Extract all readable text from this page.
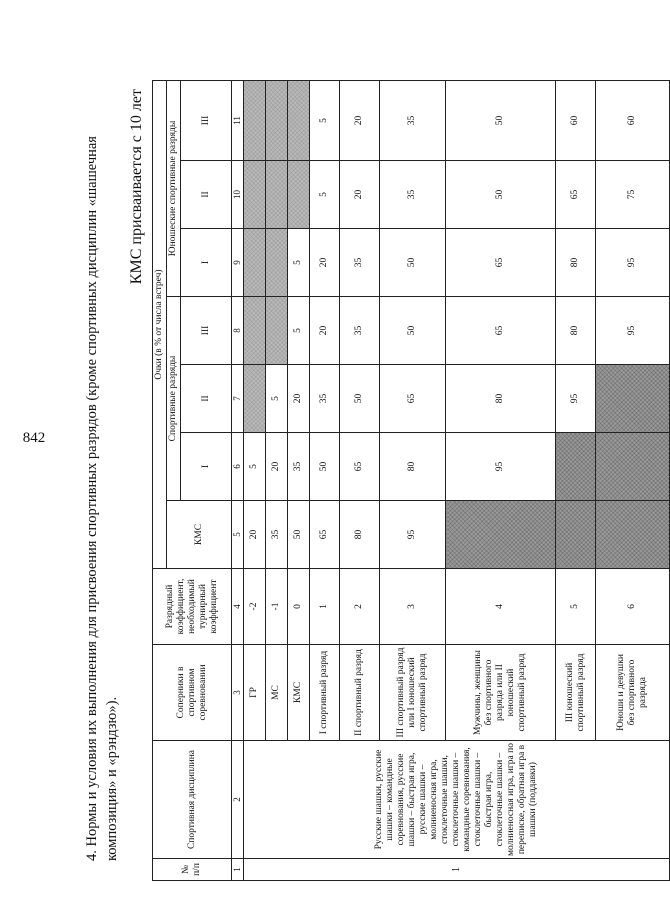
842	4. Нормы и условия их выполнения для присвоения спортивных разрядов (кроме спортивных дисциплин «шашечная композиция» и «рэндзю»).
КМС присваивается с 10 лет
№ п/п	Спортивная дисциплина	Соперники в спортивном соревновании	Разрядный коэффициент, необходимый турнирный коэффициент	Очки (в % от числа встреч)						
				КМС	Спортивные разряды			Юношеские спортивные разряды		
					I	II	III	I	II	III
1	2	3	4	5	6	7	8	9	10	11
1	Русские шашки, русские шашки – командные соревнования, русские шашки – быстрая игра, русские шашки – молниеносная игра, стоклеточные шашки, стоклеточные шашки – командные соревнования, стоклеточные шашки – быстрая игра, стоклеточные шашки – молниеносная игра, игра по переписке, обратная игра в шашки (поддавки)	ГР	-2	20	5					
		МС	-1	35	20	5				
		КМС	0	50	35	20	5	5		
		I спортивный разряд	1	65	50	35	20	20	5	5
		II спортивный разряд	2	80	65	50	35	35	20	20
		III спортивный разряд или I юношеский спортивный разряд	3	95	80	65	50	50	35	35
		Мужчины, женщины без спортивного разряда или II юношеский спортивный разряд	4		95	80	65	65	50	50
		III юношеский спортивный разряд	5			95	80	80	65	60
		Юноши и девушки без спортивного разряда	6				95	95	75	60
